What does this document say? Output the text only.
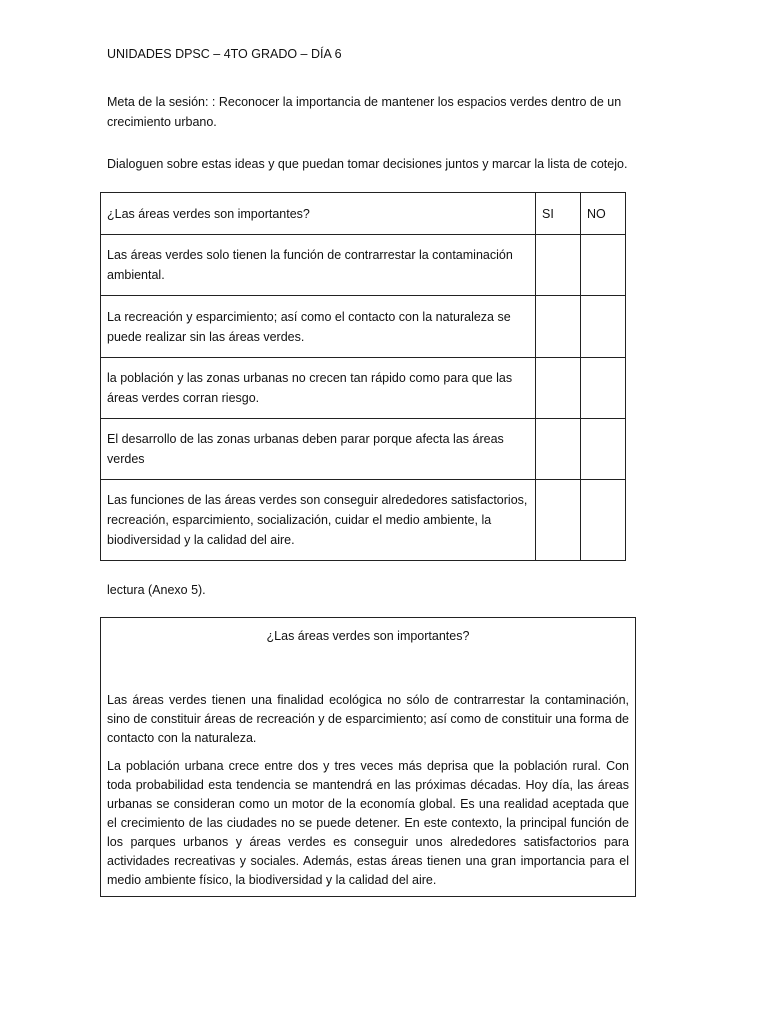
UNIDADES DPSC – 4TO GRADO – DÍA 6
Meta de la sesión: : Reconocer la importancia de mantener los espacios verdes dentro de un crecimiento urbano.
Dialoguen sobre estas ideas y que puedan tomar decisiones juntos y marcar la lista de cotejo.
¿Las áreas verdes son importantes?	SI	NO
Las áreas verdes solo tienen la función de contrarrestar la contaminación ambiental.		
La recreación y esparcimiento; así como el contacto con la naturaleza se puede realizar sin las áreas verdes.		
la población y las zonas urbanas no crecen tan rápido como para que las áreas verdes corran riesgo.		
El desarrollo de las zonas urbanas deben parar porque afecta las áreas verdes		
Las funciones de las áreas verdes son conseguir alrededores satisfactorios, recreación, esparcimiento, socialización, cuidar el medio ambiente, la biodiversidad y la calidad del aire.		
lectura (Anexo 5).
¿Las áreas verdes son importantes?

Las áreas verdes tienen una finalidad ecológica no sólo de contrarrestar la contaminación, sino de constituir áreas de recreación y de esparcimiento; así como de constituir una forma de contacto con la naturaleza.

La población urbana crece entre dos y tres veces más deprisa que la población rural. Con toda probabilidad esta tendencia se mantendrá en las próximas décadas. Hoy día, las áreas urbanas se consideran como un motor de la economía global. Es una realidad aceptada que el crecimiento de las ciudades no se puede detener. En este contexto, la principal función de los parques urbanos y áreas verdes es conseguir unos alrededores satisfactorios para actividades recreativas y sociales. Además, estas áreas tienen una gran importancia para el medio ambiente físico, la biodiversidad y la calidad del aire.
